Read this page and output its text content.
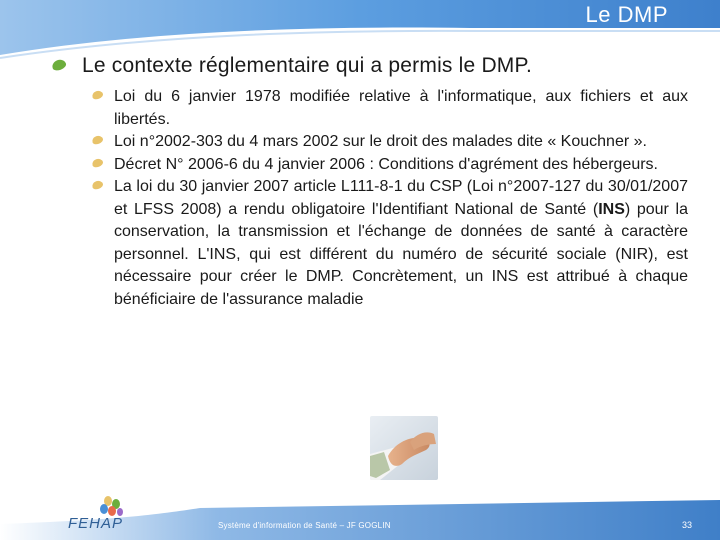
Le DMP
Le contexte réglementaire qui a permis le DMP.
Loi du 6 janvier 1978 modifiée relative à l'informatique, aux fichiers et aux libertés.
Loi n°2002-303 du 4 mars 2002 sur le droit des malades dite « Kouchner ».
Décret N° 2006-6 du 4 janvier 2006 : Conditions d'agrément des hébergeurs.
La loi du 30 janvier 2007 article L111-8-1 du CSP (Loi n°2007-127 du 30/01/2007 et LFSS 2008) a rendu obligatoire l'Identifiant National de Santé (INS) pour la conservation, la transmission et l'échange de données de santé à caractère personnel. L'INS, qui est différent du numéro de sécurité sociale (NIR), est nécessaire pour créer le DMP. Concrètement, un INS est attribué à chaque bénéficiaire de l'assurance maladie
FEHAP	Système d'information de Santé – JF GOGLIN	33
